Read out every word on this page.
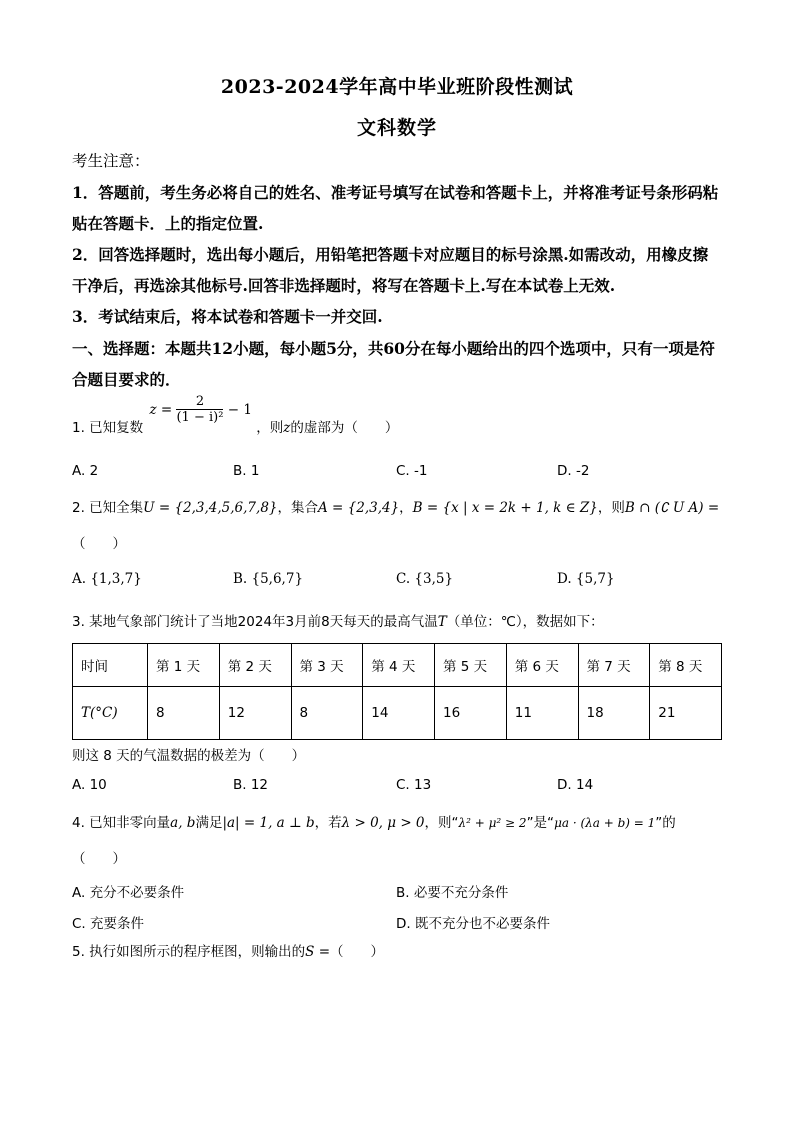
2023-2024学年高中毕业班阶段性测试
文科数学
考生注意：
1．答题前，考生务必将自己的姓名、准考证号填写在试卷和答题卡上，并将准考证号条形码粘贴在答题卡．上的指定位置.
2．回答选择题时，选出每小题后，用铅笔把答题卡对应题目的标号涂黑.如需改动，用橡皮擦干净后，再选涂其他标号.回答非选择题时，将写在答题卡上.写在本试卷上无效.
3．考试结束后，将本试卷和答题卡一并交回.
一、选择题：本题共12小题，每小题5分，共60分在每小题给出的四个选项中，只有一项是符合题目要求的．
1. 已知复数 $z = \frac{2}{\text{(1 − i)²}} - 1$ ，则z的虚部为（　　）
A. 2	B. 1	C. -1	D. -2
2. 已知全集U = {2,3,4,5,6,7,8}，集合A = {2,3,4}，B = {x | x = 2k + 1, k ∈ Z}，则B ∩ (∁ U A) =
（　　）
A. {1,3,7}	B. {5,6,7}	C. {3,5}	D. {5,7}
3. 某地气象部门统计了当地2024年3月前8天每天的最高气温T（单位：℃），数据如下：
时间	第 1 天	第 2 天	第 3 天	第 4 天	第 5 天	第 6 天	第 7 天	第 8 天
T(°C)	8	12	8	14	16	11	18	21
则这 8 天的气温数据的极差为（　　）
A. 10	B. 12	C. 13	D. 14
4. 已知非零向量a, b满足|a| = 1, a ⊥ b，若λ > 0, μ > 0，则“λ² + μ² ≥ 2”是“μa · (λa + b) = 1”的
（　　）
A. 充分不必要条件	B. 必要不充分条件
C. 充要条件	D. 既不充分也不必要条件
5. 执行如图所示的程序框图，则输出的S =（　　）
